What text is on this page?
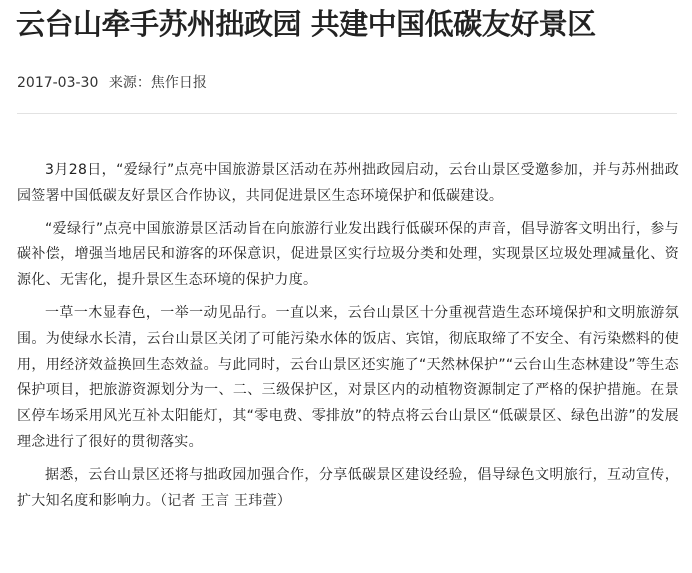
云台山牵手苏州拙政园 共建中国低碳友好景区
2017-03-30 来源：焦作日报

3月28日，“爱绿行”点亮中国旅游景区活动在苏州拙政园启动，云台山景区受邀参加，并与苏州拙政园签署中国低碳友好景区合作协议，共同促进景区生态环境保护和低碳建设。

“爱绿行”点亮中国旅游景区活动旨在向旅游行业发出践行低碳环保的声音，倡导游客文明出行，参与碳补偿，增强当地居民和游客的环保意识，促进景区实行垃圾分类和处理，实现景区垃圾处理减量化、资源化、无害化，提升景区生态环境的保护力度。

一草一木显春色，一举一动见品行。一直以来，云台山景区十分重视营造生态环境保护和文明旅游氛围。为使绿水长清，云台山景区关闭了可能污染水体的饭店、宾馆，彻底取缔了不安全、有污染燃料的使用，用经济效益换回生态效益。与此同时，云台山景区还实施了“天然林保护”“云台山生态林建设”等生态保护项目，把旅游资源划分为一、二、三级保护区，对景区内的动植物资源制定了严格的保护措施。在景区停车场采用风光互补太阳能灯，其“零电费、零排放”的特点将云台山景区“低碳景区、绿色出游”的发展理念进行了很好的贯彻落实。

据悉，云台山景区还将与拙政园加强合作，分享低碳景区建设经验，倡导绿色文明旅行，互动宣传，扩大知名度和影响力。（记者 王言 王玮萱）
